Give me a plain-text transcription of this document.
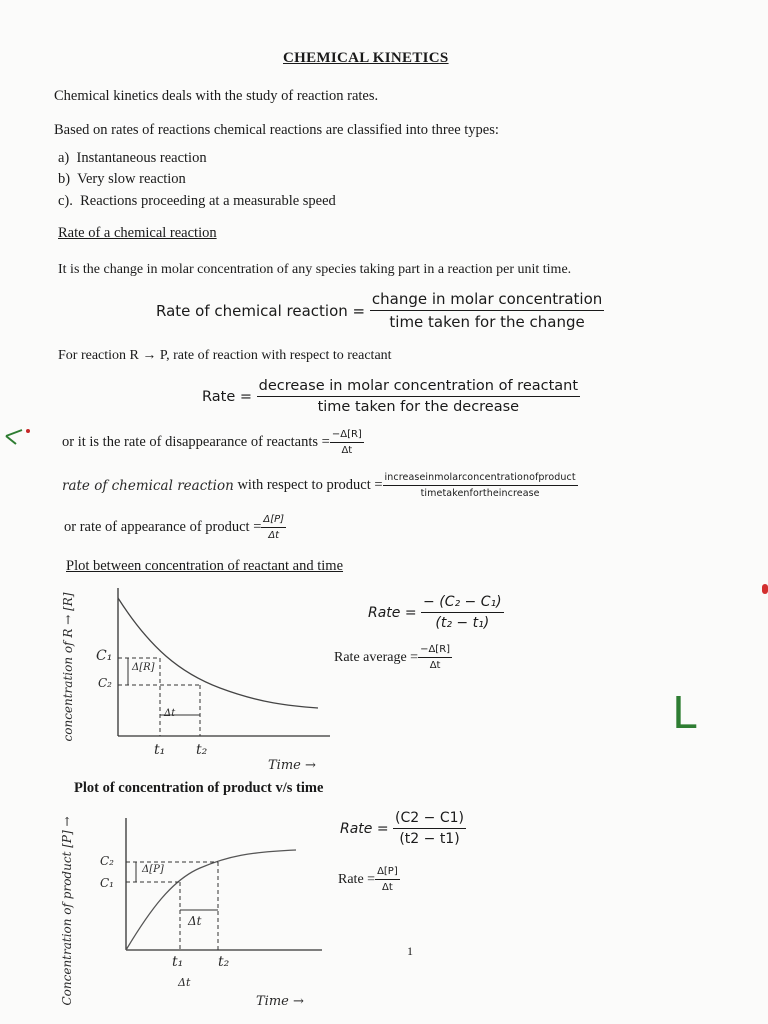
CHEMICAL KINETICS
Chemical kinetics deals with the study of reaction rates.
Based on rates of reactions chemical reactions are classified into three types:
a) Instantaneous reaction
b) Very slow reaction
c). Reactions proceeding at a measurable speed
Rate of a chemical reaction
It is the change in molar concentration of any species taking part in a reaction per unit time.
Rate of chemical reaction =
$\frac{\text{change in molar concentration}}{\text{time taken for the change}}$
For reaction R → P, rate of reaction with respect to reactant
Rate =
$\frac{\text{decrease in molar concentration of reactant}}{\text{time taken for the decrease}}$
or it is the rate of disappearance of reactants = $\frac{-\Delta[R]}{\Delta t}$
rate of chemical reaction
with respect to product = $\frac{\text{increaseinmolarconcentrationofproduct}}{\text{timetakenfortheincrease}}$
or rate of appearance of product = $\frac{\Delta[P]}{\Delta t}$
Plot between concentration of reactant and time
C₁
C₂
Δ[R]
Δt
t₁ t₂
Time →
concentration of R → [R]	Rate =
$\frac{\text{− (C₂ − C₁)}}{\text{(t₂ − t₁)}}$
Rate average = $\frac{-\Delta[R]}{\Delta t}$
Plot of concentration of product v/s time
C₂
C₁
Δ[P]
Δt
t₁ t₂
Δt
Time →
Concentration of product [P] →	Rate =
$\frac{(C2 - C1)}{(t2 - t1)}$
Rate
= $\frac{\Delta[P]}{\Delta t}$
1
L
